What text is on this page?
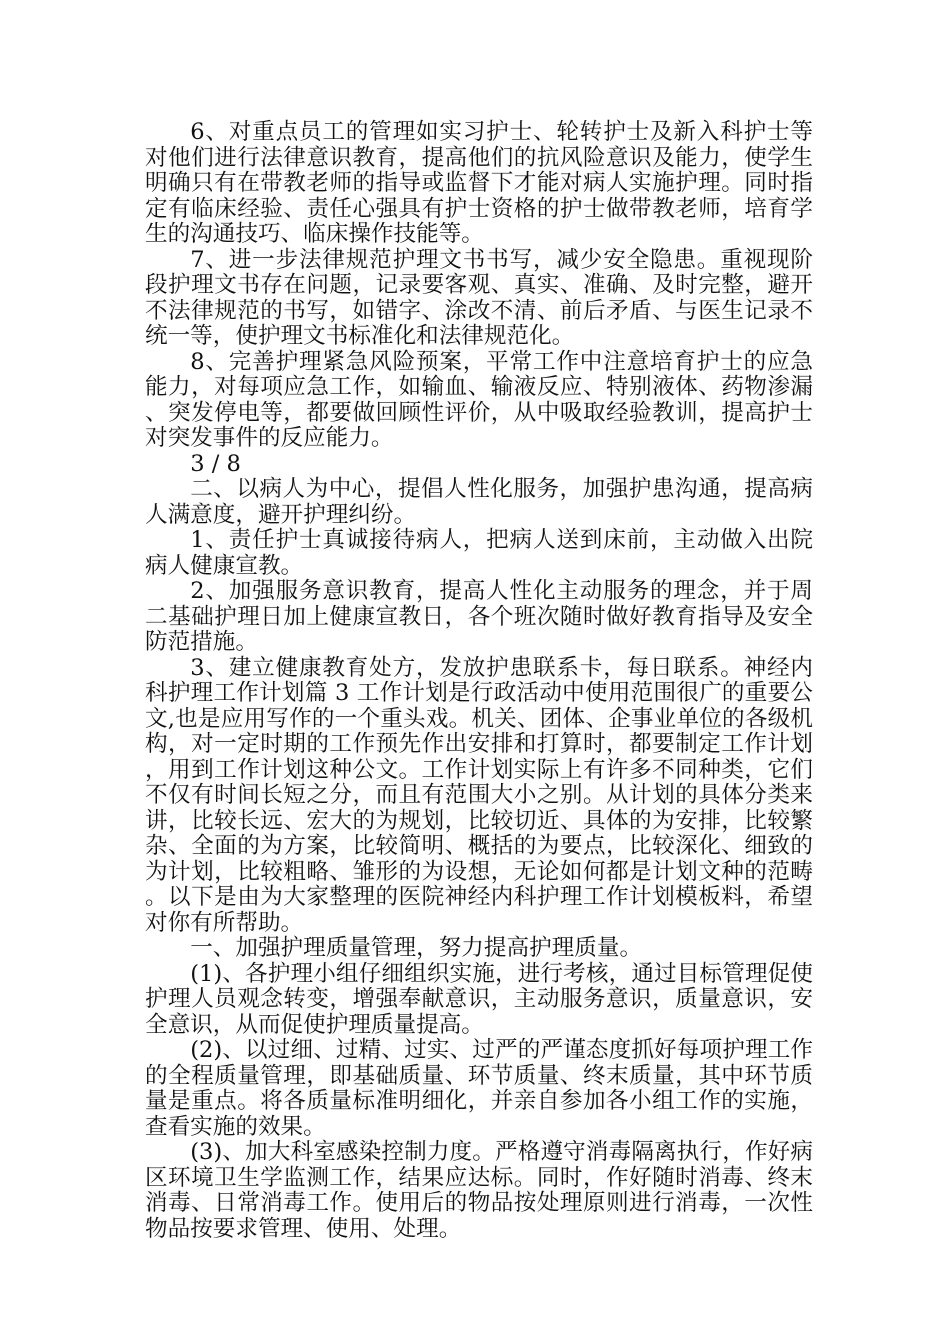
6、对重点员工的管理如实习护士、轮转护士及新入科护士等对他们进行法律意识教育，提高他们的抗风险意识及能力，使学生明确只有在带教老师的指导或监督下才能对病人实施护理。同时指定有临床经验、责任心强具有护士资格的护士做带教老师，培育学生的沟通技巧、临床操作技能等。

7、进一步法律规范护理文书书写，减少安全隐患。重视现阶段护理文书存在问题，记录要客观、真实、准确、及时完整，避开不法律规范的书写，如错字、涂改不清、前后矛盾、与医生记录不统一等，使护理文书标准化和法律规范化。

8、完善护理紧急风险预案，平常工作中注意培育护士的应急能力，对每项应急工作，如输血、输液反应、特别液体、药物渗漏、突发停电等，都要做回顾性评价，从中吸取经验教训，提高护士对突发事件的反应能力。

3 / 8

二、以病人为中心，提倡人性化服务，加强护患沟通，提高病人满意度，避开护理纠纷。

1、责任护士真诚接待病人，把病人送到床前，主动做入出院病人健康宣教。

2、加强服务意识教育，提高人性化主动服务的理念，并于周二基础护理日加上健康宣教日，各个班次随时做好教育指导及安全防范措施。

3、建立健康教育处方，发放护患联系卡，每日联系。神经内科护理工作计划篇 3 工作计划是行政活动中使用范围很广的重要公文,也是应用写作的一个重头戏。机关、团体、企事业单位的各级机构，对一定时期的工作预先作出安排和打算时，都要制定工作计划，用到工作计划这种公文。工作计划实际上有许多不同种类，它们不仅有时间长短之分，而且有范围大小之别。从计划的具体分类来讲，比较长远、宏大的为规划，比较切近、具体的为安排，比较繁杂、全面的为方案，比较简明、概括的为要点，比较深化、细致的为计划，比较粗略、雏形的为设想，无论如何都是计划文种的范畴。以下是由为大家整理的医院神经内科护理工作计划模板料，希望对你有所帮助。

一、加强护理质量管理，努力提高护理质量。

(1)、各护理小组仔细组织实施，进行考核，通过目标管理促使护理人员观念转变，增强奉献意识，主动服务意识，质量意识，安全意识，从而促使护理质量提高。

(2)、以过细、过精、过实、过严的严谨态度抓好每项护理工作的全程质量管理，即基础质量、环节质量、终末质量，其中环节质量是重点。将各质量标准明细化，并亲自参加各小组工作的实施，查看实施的效果。

(3)、加大科室感染控制力度。严格遵守消毒隔离执行，作好病区环境卫生学监测工作，结果应达标。同时，作好随时消毒、终末消毒、日常消毒工作。使用后的物品按处理原则进行消毒，一次性物品按要求管理、使用、处理。
